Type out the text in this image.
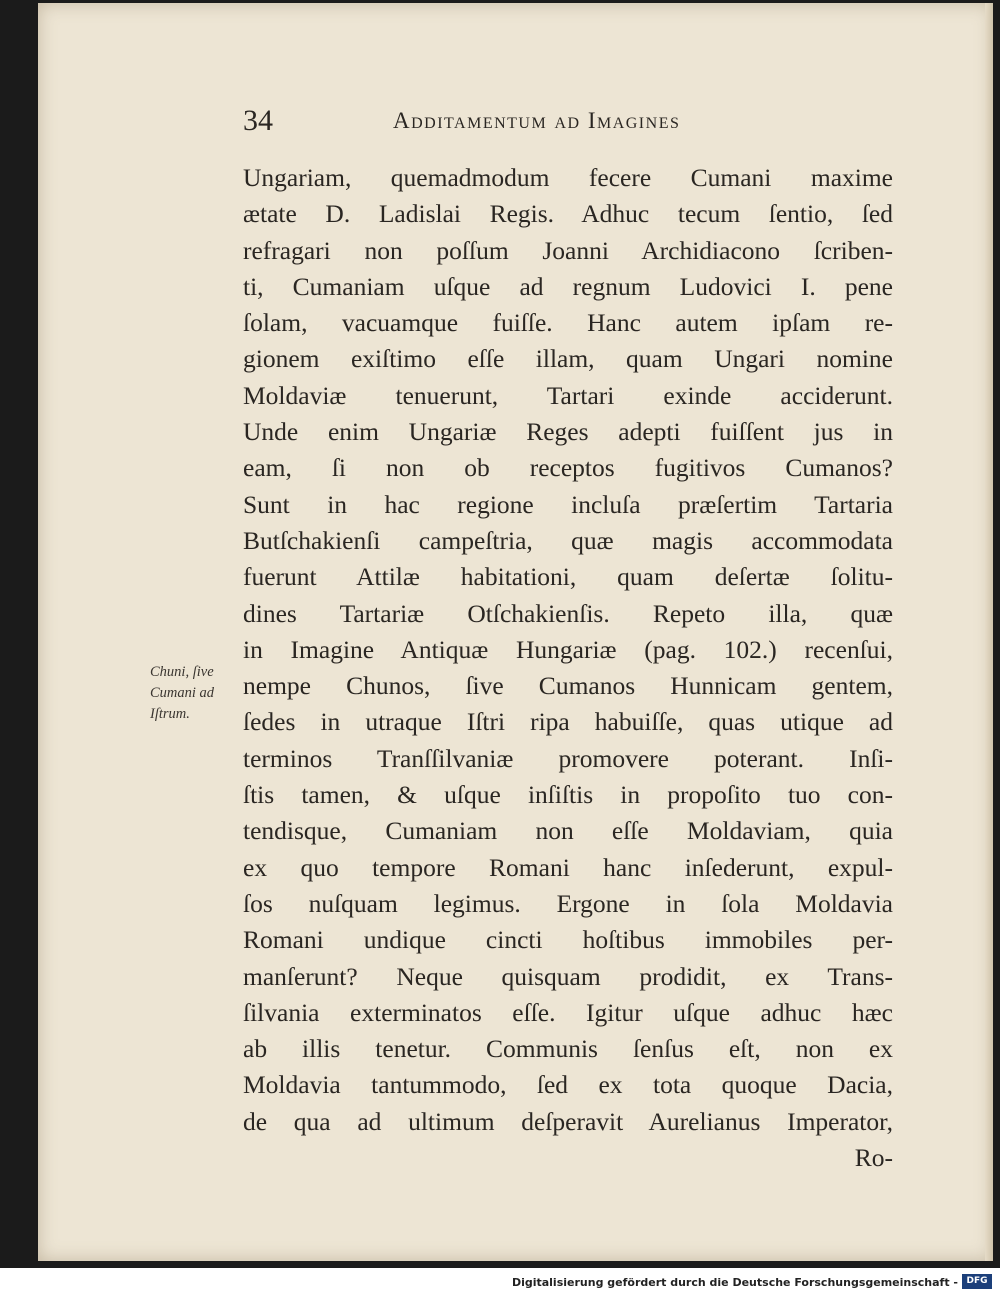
34	Additamentum ad Imagines
Chuni, ſive
Cumani ad
Iſtrum.
Ungariam, quemadmodum fecere Cumani maxime
ætate D. Ladislai Regis. Adhuc tecum ſentio, ſed
refragari non poſſum Joanni Archidiacono ſcriben-
ti, Cumaniam uſque ad regnum Ludovici I. pene
ſolam, vacuamque fuiſſe. Hanc autem ipſam re-
gionem exiſtimo eſſe illam, quam Ungari nomine
Moldaviæ tenuerunt, Tartari exinde acciderunt.
Unde enim Ungariæ Reges adepti fuiſſent jus in
eam, ſi non ob receptos fugitivos Cumanos?
Sunt in hac regione incluſa præſertim Tartaria
Butſchakienſi campeſtria, quæ magis accommodata
fuerunt Attilæ habitationi, quam deſertæ ſolitu-
dines Tartariæ Otſchakienſis. Repeto illa, quæ
in Imagine Antiquæ Hungariæ (pag. 102.) recenſui,
nempe Chunos, ſive Cumanos Hunnicam gentem,
ſedes in utraque Iſtri ripa habuiſſe, quas utique ad
terminos Tranſſilvaniæ promovere poterant. Inſi-
ſtis tamen, & uſque inſiſtis in propoſito tuo con-
tendisque, Cumaniam non eſſe Moldaviam, quia
ex quo tempore Romani hanc inſederunt, expul-
ſos nuſquam legimus. Ergone in ſola Moldavia
Romani undique cincti hoſtibus immobiles per-
manſerunt? Neque quisquam prodidit, ex Trans-
ſilvania exterminatos eſſe. Igitur uſque adhuc hæc
ab illis tenetur. Communis ſenſus eſt, non ex
Moldavia tantummodo, ſed ex tota quoque Dacia,
de qua ad ultimum deſperavit Aurelianus Imperator,
Ro-
Digitalisierung gefördert durch die Deutsche Forschungsgemeinschaft - DFG
